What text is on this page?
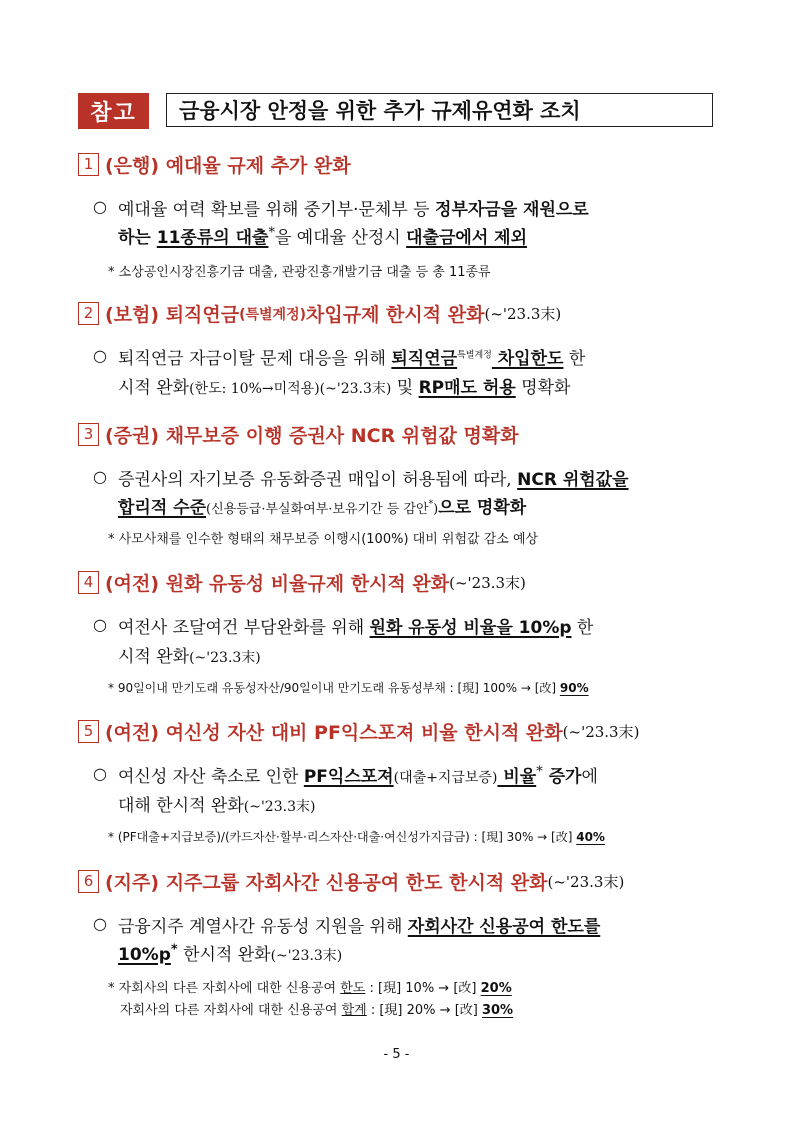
참고	금융시장 안정을 위한 추가 규제유연화 조치
1 (은행) 예대율 규제 추가 완화
○ 예대율 여력 확보를 위해 중기부·문체부 등 정부자금을 재원으로
하는 11종류의 대출*을 예대율 산정시 대출금에서 제외
* 소상공인시장진흥기금 대출, 관광진흥개발기금 대출 등 총 11종류
2 (보험) 퇴직연금 (특별계정) 차입규제 한시적 완화 (~'23.3末)
○ 퇴직연금 자금이탈 문제 대응을 위해 퇴직연금$^{특별계정}$ 차입한도 한
시적 완화(한도: 10%→미적용)(~'23.3末) 및 RP매도 허용 명확화
3 (증권) 채무보증 이행 증권사 NCR 위험값 명확화
○ 증권사의 자기보증 유동화증권 매입이 허용됨에 따라, NCR 위험값을
합리적 수준(신용등급·부실화여부·보유기간 등 감안*)으로 명확화
* 사모사채를 인수한 형태의 채무보증 이행시(100%) 대비 위험값 감소 예상
4 (여전) 원화 유동성 비율규제 한시적 완화 (~'23.3末)
○ 여전사 조달여건 부담완화를 위해 원화 유동성 비율을 10%p 한
시적 완화(~'23.3末)
* 90일이내 만기도래 유동성자산/90일이내 만기도래 유동성부채 : [現] 100% → [改] 90%
5 (여전) 여신성 자산 대비 PF익스포져 비율 한시적 완화 (~'23.3末)
○ 여신성 자산 축소로 인한 PF익스포져(대출+지급보증) 비율* 증가에
대해 한시적 완화(~'23.3末)
* (PF대출+지급보증)/(카드자산·할부·리스자산·대출·여신성가지급금) : [現] 30% → [改] 40%
6 (지주) 지주그룹 자회사간 신용공여 한도 한시적 완화 (~'23.3末)
○ 금융지주 계열사간 유동성 지원을 위해 자회사간 신용공여 한도를
10%p* 한시적 완화(~'23.3末)
* 자회사의 다른 자회사에 대한 신용공여 한도 : [現] 10% → [改] 20%
자회사의 다른 자회사에 대한 신용공여 합계 : [現] 20% → [改] 30%
- 5 -
